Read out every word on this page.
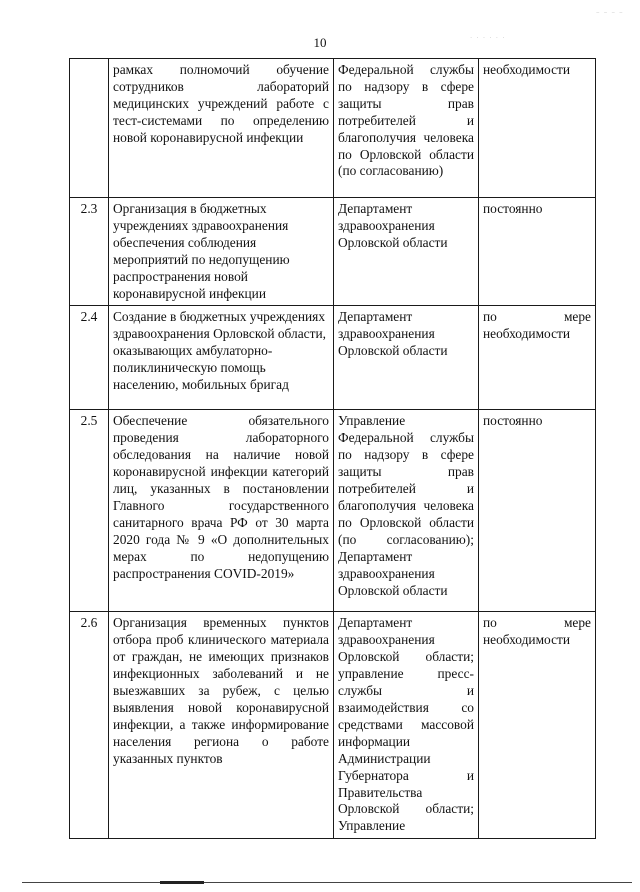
10
– – – –
· · · · · ·
	рамках полномочий обучение сотрудников лабораторий медицинских учреждений работе с тест-системами по определению новой коронавирусной инфекции	Федеральной службы по надзору в сфере защиты прав потребителей и благополучия человека по Орловской области (по согласованию)	необходимости
2.3	Организация в бюджетных учреждениях здравоохранения обеспечения соблюдения мероприятий по недопущению распространения новой коронавирусной инфекции	Департамент здравоохранения Орловской области	постоянно
2.4	Создание в бюджетных учреждениях здравоохранения Орловской области, оказывающих амбулаторно-поликлиническую помощь населению, мобильных бригад	Департамент здравоохранения Орловской области	по мере необходимости
2.5	Обеспечение обязательного проведения лабораторного обследования на наличие новой коронавирусной инфекции категорий лиц, указанных в постановлении Главного государственного санитарного врача РФ от 30 марта 2020 года № 9 «О дополнительных мерах по недопущению распространения COVID-2019»	Управление Федеральной службы по надзору в сфере защиты прав потребителей и благополучия человека по Орловской области (по согласованию); Департамент здравоохранения Орловской области	постоянно
2.6	Организация временных пунктов отбора проб клинического материала от граждан, не имеющих признаков инфекционных заболеваний и не выезжавших за рубеж, с целью выявления новой коронавирусной инфекции, а также информирование населения региона о работе указанных пунктов	Департамент здравоохранения Орловской области; управление пресс-службы и взаимодействия со средствами массовой информации Администрации Губернатора и Правительства Орловской области; Управление	по мере необходимости
